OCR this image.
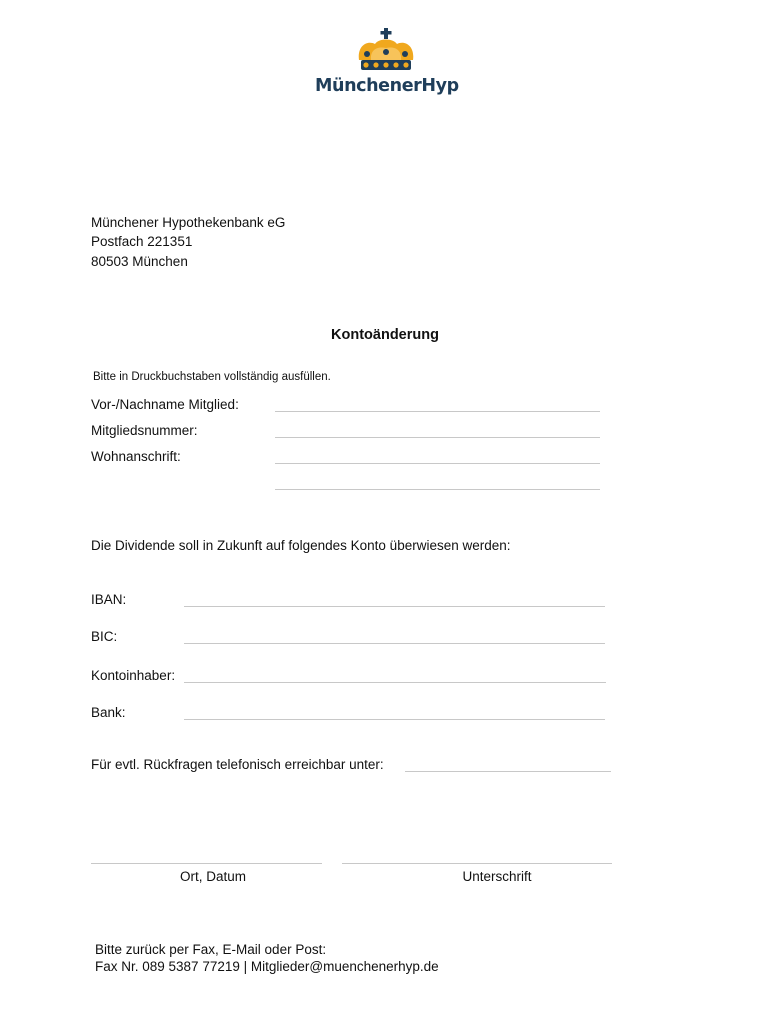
MünchenerHyp
Münchener Hypothekenbank eG
Postfach 221351
80503 München
Kontoänderung
Bitte in Druckbuchstaben vollständig ausfüllen.
Vor-/Nachname Mitglied:
Mitgliedsnummer:
Wohnanschrift:
Die Dividende soll in Zukunft auf folgendes Konto überwiesen werden:
IBAN:
BIC:
Kontoinhaber:
Bank:
Für evtl. Rückfragen telefonisch erreichbar unter:
Ort, Datum	Unterschrift
Bitte zurück per Fax, E-Mail oder Post:
Fax Nr. 089 5387 77219 | Mitglieder@muenchenerhyp.de
